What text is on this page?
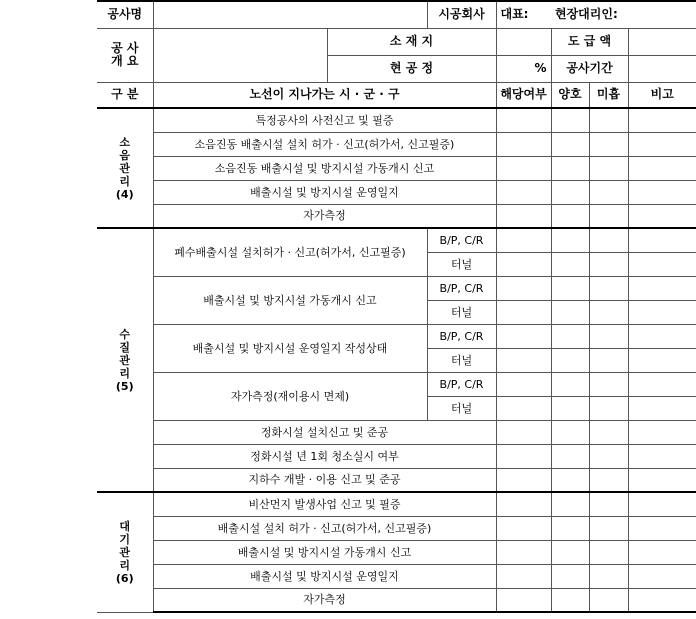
공사명			시공회사	대표:	현장대리인:		

공 사
개 요		소 재 지			도 급 액		
		현 공 정		%	공사기간		
구 분	노선이 지나가는 시 · 군 · 구			해당여부	양호	미흡	비고

소
음
관
리
(4)	특정공사의 사전신고 및 필증						
	소음진동 배출시설 설치 허가 · 신고(허가서, 신고필증)						
	소음진동 배출시설 및 방지시설 가동개시 신고						
	배출시설 및 방지시설 운영일지						
	자가측정						

수
질
관
리
(5)	폐수배출시설 설치허가 · 신고(허가서, 신고필증)		B/P, C/R				
			터널				
	배출시설 및 방지시설 가동개시 신고		B/P, C/R				
			터널				
	배출시설 및 방지시설 운영일지 작성상태		B/P, C/R				
			터널				
	자가측정(재이용시 면제)		B/P, C/R				
			터널				
	정화시설 설치신고 및 준공						
	정화시설 년 1회 청소실시 여부						
	지하수 개발 · 이용 신고 및 준공						

대
기
관
리
(6)	비산먼지 발생사업 신고 및 필증						
	배출시설 설치 허가 · 신고(허가서, 신고필증)						
	배출시설 및 방지시설 가동개시 신고						
	배출시설 및 방지시설 운영일지						
	자가측정						
